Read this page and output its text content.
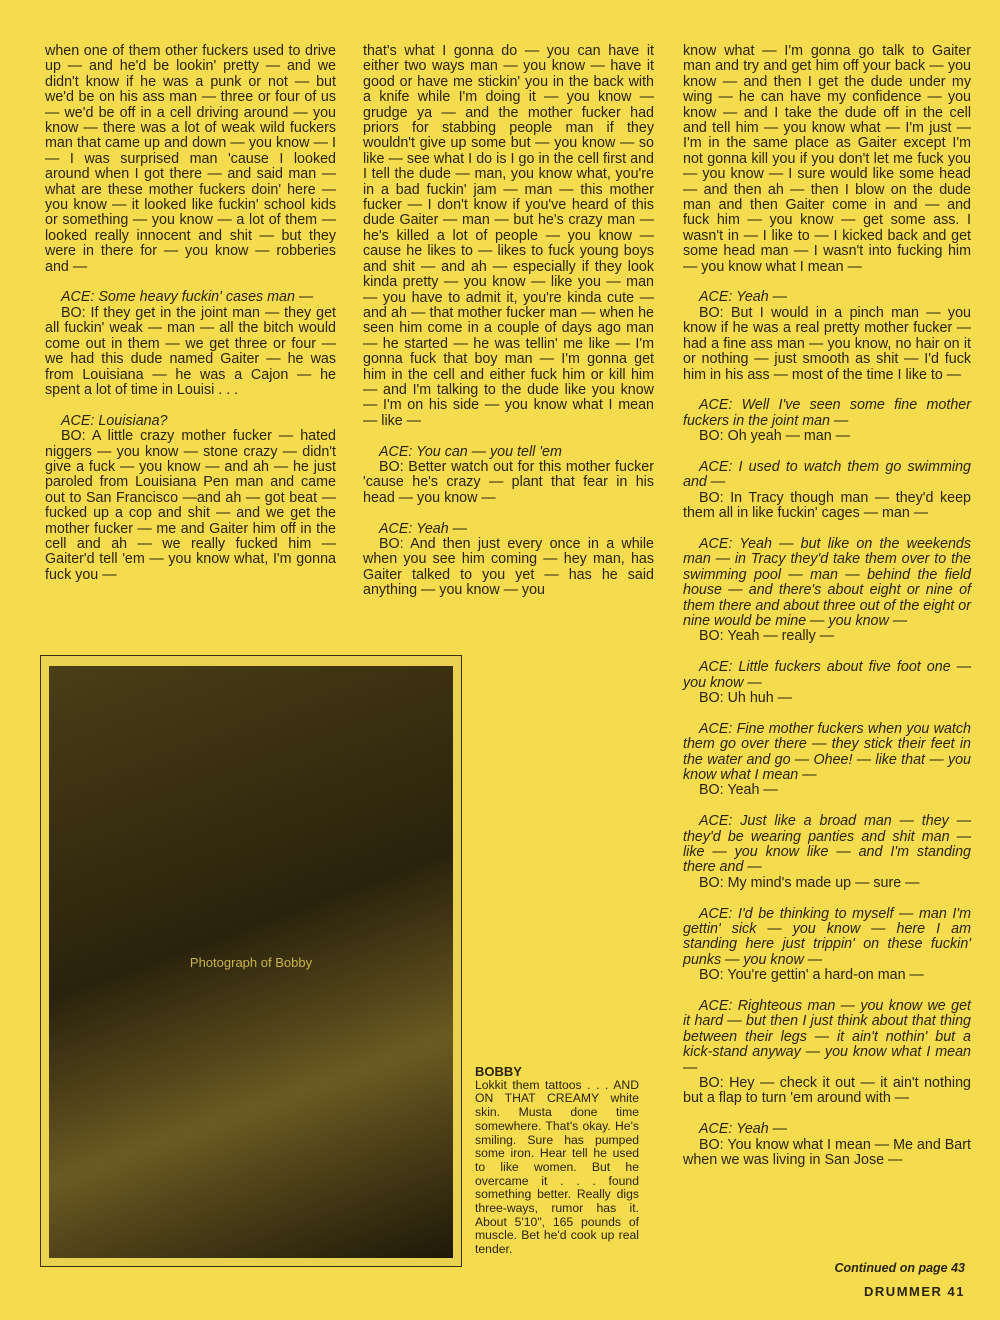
when one of them other fuckers used to drive up — and he'd be lookin' pretty — and we didn't know if he was a punk or not — but we'd be on his ass man — three or four of us — we'd be off in a cell driving around — you know — there was a lot of weak wild fuckers man that came up and down — you know — I — I was surprised man 'cause I looked around when I got there — and said man — what are these mother fuckers doin' here — you know — it looked like fuckin' school kids or something — you know — a lot of them — looked really innocent and shit — but they were in there for — you know — robberies and —

ACE: Some heavy fuckin' cases man —

BO: If they get in the joint man — they get all fuckin' weak — man — all the bitch would come out in them — we get three or four — we had this dude named Gaiter — he was from Louisiana — he was a Cajon — he spent a lot of time in Louisi . . .

ACE: Louisiana?

BO: A little crazy mother fucker — hated niggers — you know — stone crazy — didn't give a fuck — you know — and ah — he just paroled from Louisiana Pen man and came out to San Francisco —and ah — got beat — fucked up a cop and shit — and we get the mother fucker — me and Gaiter him off in the cell and ah — we really fucked him — Gaiter'd tell 'em — you know what, I'm gonna fuck you —

that's what I gonna do — you can have it either two ways man — you know — have it good or have me stickin' you in the back with a knife while I'm doing it — you know — grudge ya — and the mother fucker had priors for stabbing people man if they wouldn't give up some but — you know — so like — see what I do is I go in the cell first and I tell the dude — man, you know what, you're in a bad fuckin' jam — man — this mother fucker — I don't know if you've heard of this dude Gaiter — man — but he's crazy man — he's killed a lot of people — you know — cause he likes to — likes to fuck young boys and shit — and ah — especially if they look kinda pretty — you know — like you — man — you have to admit it, you're kinda cute — and ah — that mother fucker man — when he seen him come in a couple of days ago man — he started — he was tellin' me like — I'm gonna fuck that boy man — I'm gonna get him in the cell and either fuck him or kill him — and I'm talking to the dude like you know — I'm on his side — you know what I mean — like —

ACE: You can — you tell 'em

BO: Better watch out for this mother fucker 'cause he's crazy — plant that fear in his head — you know —

ACE: Yeah —

BO: And then just every once in a while when you see him coming — hey man, has Gaiter talked to you yet — has he said anything — you know — you

know what — I'm gonna go talk to Gaiter man and try and get him off your back — you know — and then I get the dude under my wing — he can have my confidence — you know — and I take the dude off in the cell and tell him — you know what — I'm just — I'm in the same place as Gaiter except I'm not gonna kill you if you don't let me fuck you — you know — I sure would like some head — and then ah — then I blow on the dude man and then Gaiter come in and — and fuck him — you know — get some ass. I wasn't in — I like to — I kicked back and get some head man — I wasn't into fucking him — you know what I mean —

ACE: Yeah —

BO: But I would in a pinch man — you know if he was a real pretty mother fucker — had a fine ass man — you know, no hair on it or nothing — just smooth as shit — I'd fuck him in his ass — most of the time I like to —

ACE: Well I've seen some fine mother fuckers in the joint man —

BO: Oh yeah — man —

ACE: I used to watch them go swimming and —

BO: In Tracy though man — they'd keep them all in like fuckin' cages — man —

ACE: Yeah — but like on the weekends man — in Tracy they'd take them over to the swimming pool — man — behind the field house — and there's about eight or nine of them there and about three out of the eight or nine would be mine — you know —

BO: Yeah — really —

ACE: Little fuckers about five foot one — you know —

BO: Uh huh —

ACE: Fine mother fuckers when you watch them go over there — they stick their feet in the water and go — Ohee! — like that — you know what I mean —

BO: Yeah —

ACE: Just like a broad man — they — they'd be wearing panties and shit man — like — you know like — and I'm standing there and —

BO: My mind's made up — sure —

ACE: I'd be thinking to myself — man I'm gettin' sick — you know — here I am standing here just trippin' on these fuckin' punks — you know —

BO: You're gettin' a hard-on man —

ACE: Righteous man — you know we get it hard — but then I just think about that thing between their legs — it ain't nothin' but a kick-stand anyway — you know what I mean —

BO: Hey — check it out — it ain't nothing but a flap to turn 'em around with —

ACE: Yeah —

BO: You know what I mean — Me and Bart when we was living in San Jose —

Photograph of Bobby
BOBBY
Lokkit them tattoos . . . AND ON THAT CREAMY white skin. Musta done time somewhere. That's okay. He's smiling. Sure has pumped some iron. Hear tell he used to like women. But he overcame it . . . found something better. Really digs three-ways, rumor has it. About 5'10", 165 pounds of muscle. Bet he'd cook up real tender.
Continued on page 43
DRUMMER 41
